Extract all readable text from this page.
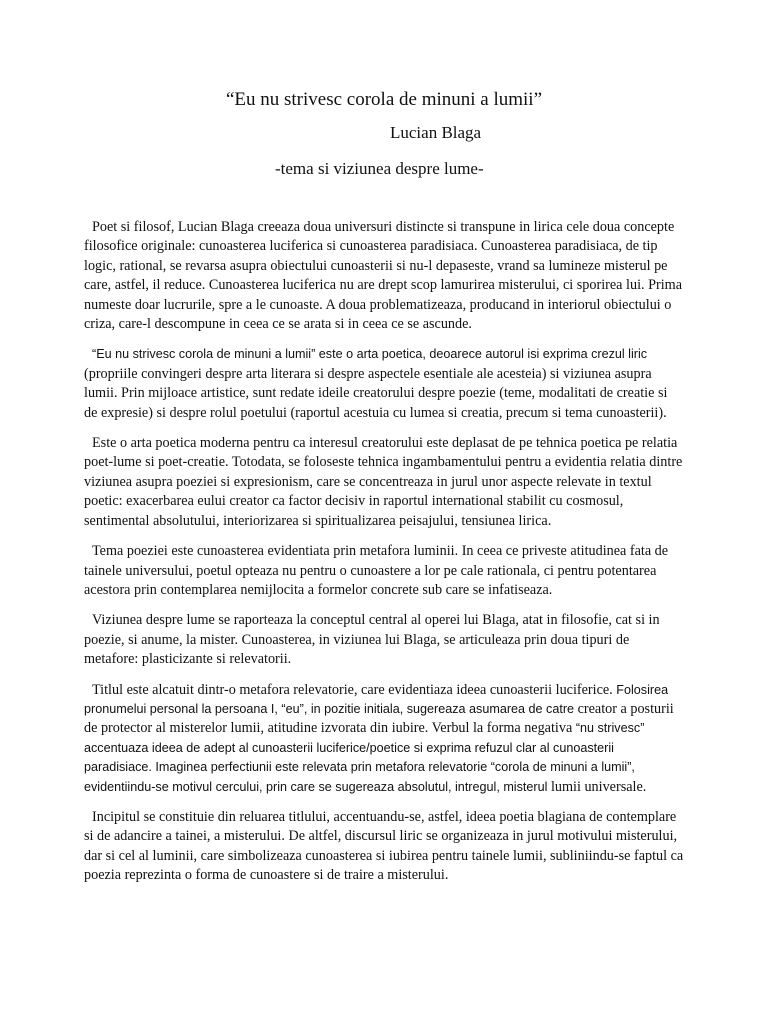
“Eu nu strivesc corola de minuni a lumii”

Lucian Blaga

-tema si viziunea despre lume-

Poet si filosof, Lucian Blaga creeaza doua universuri distincte si transpune in lirica cele doua concepte filosofice originale: cunoasterea luciferica si cunoasterea paradisiaca. Cunoasterea paradisiaca, de tip logic, rational, se revarsa asupra obiectului cunoasterii si nu-l depaseste, vrand sa lumineze misterul pe care, astfel, il reduce. Cunoasterea luciferica nu are drept scop lamurirea misterului, ci sporirea lui. Prima numeste doar lucrurile, spre a le cunoaste. A doua problematizeaza, producand in interiorul obiectului o criza, care-l descompune in ceea ce se arata si in ceea ce se ascunde.

“Eu nu strivesc corola de minuni a lumii” este o arta poetica, deoarece autorul isi exprima crezul liric (propriile convingeri despre arta literara si despre aspectele esentiale ale acesteia) si viziunea asupra lumii. Prin mijloace artistice, sunt redate ideile creatorului despre poezie (teme, modalitati de creatie si de expresie) si despre rolul poetului (raportul acestuia cu lumea si creatia, precum si tema cunoasterii).

Este o arta poetica moderna pentru ca interesul creatorului este deplasat de pe tehnica poetica pe relatia poet-lume si poet-creatie. Totodata, se foloseste tehnica ingambamentului pentru a evidentia relatia dintre viziunea asupra poeziei si expresionism, care se concentreaza in jurul unor aspecte relevate in textul poetic: exacerbarea eului creator ca factor decisiv in raportul international stabilit cu cosmosul, sentimental absolutului, interiorizarea si spiritualizarea peisajului, tensiunea lirica.

Tema poeziei este cunoasterea evidentiata prin metafora luminii. In ceea ce priveste atitudinea fata de tainele universului, poetul opteaza nu pentru o cunoastere a lor pe cale rationala, ci pentru potentarea acestora prin contemplarea nemijlocita a formelor concrete sub care se infatiseaza.

Viziunea despre lume se raporteaza la conceptul central al operei lui Blaga, atat in filosofie, cat si in poezie, si anume, la mister. Cunoasterea, in viziunea lui Blaga, se articuleaza prin doua tipuri de metafore: plasticizante si relevatorii.

Titlul este alcatuit dintr-o metafora relevatorie, care evidentiaza ideea cunoasterii luciferice. Folosirea pronumelui personal la persoana I, “eu”, in pozitie initiala, sugereaza asumarea de catre creator a posturii de protector al misterelor lumii, atitudine izvorata din iubire. Verbul la forma negativa “nu strivesc” accentuaza ideea de adept al cunoasterii luciferice/poetice si exprima refuzul clar al cunoasterii paradisiace. Imaginea perfectiunii este relevata prin metafora relevatorie “corola de minuni a lumii”, evidentiindu-se motivul cercului, prin care se sugereaza absolutul, intregul, misterul lumii universale.

Incipitul se constituie din reluarea titlului, accentuandu-se, astfel, ideea poetia blagiana de contemplare si de adancire a tainei, a misterului. De altfel, discursul liric se organizeaza in jurul motivului misterului, dar si cel al luminii, care simbolizeaza cunoasterea si iubirea pentru tainele lumii, subliniindu-se faptul ca poezia reprezinta o forma de cunoastere si de traire a misterului.
